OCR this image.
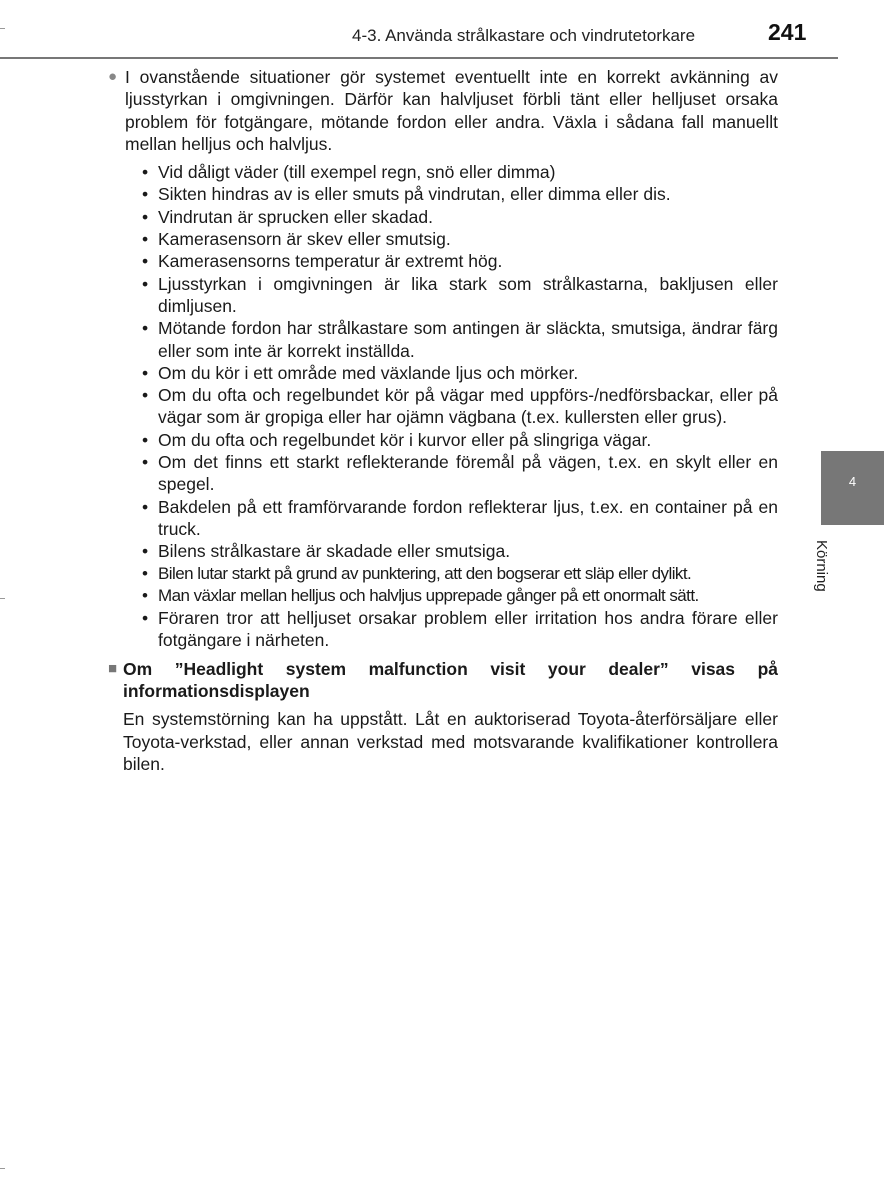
4-3. Använda strålkastare och vindrutetorkare	241
4
Körning
● I ovanstående situationer gör systemet eventuellt inte en korrekt avkänning av ljusstyrkan i omgivningen. Därför kan halvljuset förbli tänt eller helljuset orsaka problem för fotgängare, mötande fordon eller andra. Växla i sådana fall manuellt mellan helljus och halvljus.
• Vid dåligt väder (till exempel regn, snö eller dimma)
• Sikten hindras av is eller smuts på vindrutan, eller dimma eller dis.
• Vindrutan är sprucken eller skadad.
• Kamerasensorn är skev eller smutsig.
• Kamerasensorns temperatur är extremt hög.
• Ljusstyrkan i omgivningen är lika stark som strålkastarna, bakljusen eller dimljusen.
• Mötande fordon har strålkastare som antingen är släckta, smutsiga, ändrar färg eller som inte är korrekt inställda.
• Om du kör i ett område med växlande ljus och mörker.
• Om du ofta och regelbundet kör på vägar med uppförs-/nedförsbackar, eller på vägar som är gropiga eller har ojämn vägbana (t.ex. kullersten eller grus).
• Om du ofta och regelbundet kör i kurvor eller på slingriga vägar.
• Om det finns ett starkt reflekterande föremål på vägen, t.ex. en skylt eller en spegel.
• Bakdelen på ett framförvarande fordon reflekterar ljus, t.ex. en container på en truck.
• Bilens strålkastare är skadade eller smutsiga.
• Bilen lutar starkt på grund av punktering, att den bogserar ett släp eller dylikt.
• Man växlar mellan helljus och halvljus upprepade gånger på ett onormalt sätt.
• Föraren tror att helljuset orsakar problem eller irritation hos andra förare eller fotgängare i närheten.
■ Om ”Headlight system malfunction visit your dealer” visas på informationsdisplayen
En systemstörning kan ha uppstått. Låt en auktoriserad Toyota-återförsäljare eller Toyota-verkstad, eller annan verkstad med motsvarande kvalifikationer kontrollera bilen.
